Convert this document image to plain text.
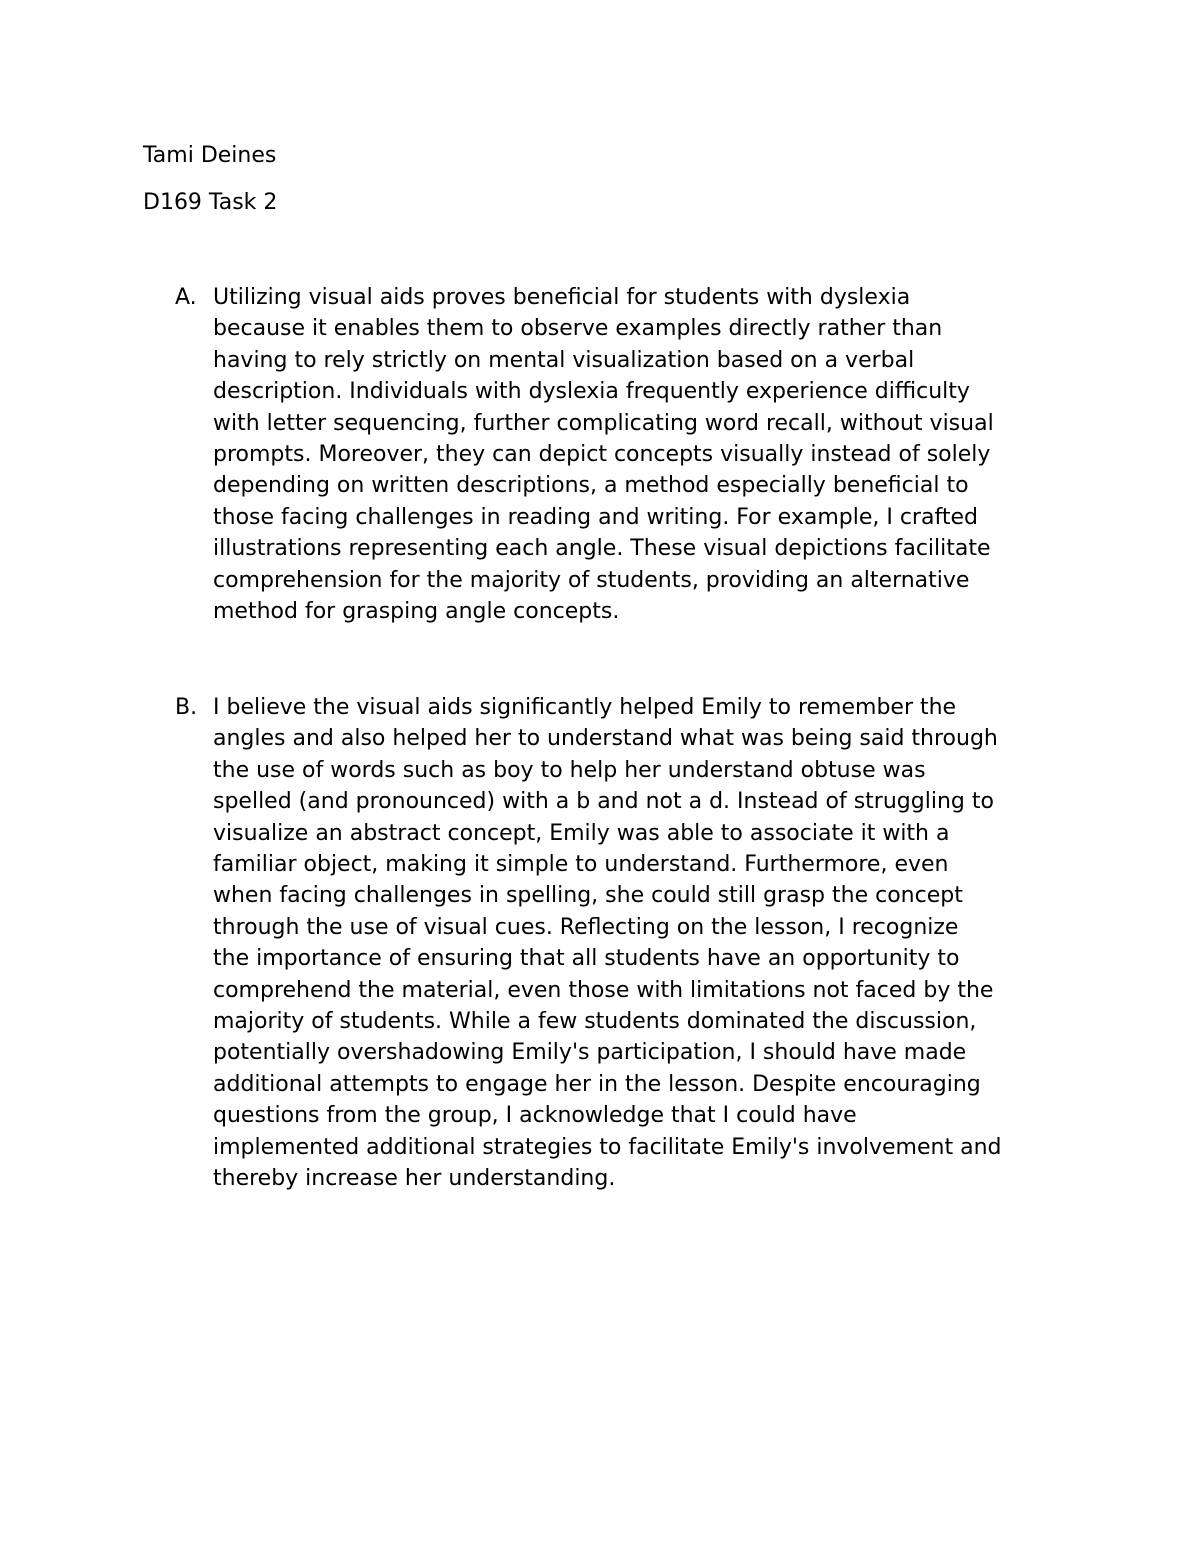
Tami Deines
D169 Task 2
A. Utilizing visual aids proves beneficial for students with dyslexia
because it enables them to observe examples directly rather than
having to rely strictly on mental visualization based on a verbal
description. Individuals with dyslexia frequently experience difficulty
with letter sequencing, further complicating word recall, without visual
prompts. Moreover, they can depict concepts visually instead of solely
depending on written descriptions, a method especially beneficial to
those facing challenges in reading and writing. For example, I crafted
illustrations representing each angle. These visual depictions facilitate
comprehension for the majority of students, providing an alternative
method for grasping angle concepts.
B. I believe the visual aids significantly helped Emily to remember the
angles and also helped her to understand what was being said through
the use of words such as boy to help her understand obtuse was
spelled (and pronounced) with a b and not a d. Instead of struggling to
visualize an abstract concept, Emily was able to associate it with a
familiar object, making it simple to understand. Furthermore, even
when facing challenges in spelling, she could still grasp the concept
through the use of visual cues. Reflecting on the lesson, I recognize
the importance of ensuring that all students have an opportunity to
comprehend the material, even those with limitations not faced by the
majority of students. While a few students dominated the discussion,
potentially overshadowing Emily's participation, I should have made
additional attempts to engage her in the lesson. Despite encouraging
questions from the group, I acknowledge that I could have
implemented additional strategies to facilitate Emily's involvement and
thereby increase her understanding.
